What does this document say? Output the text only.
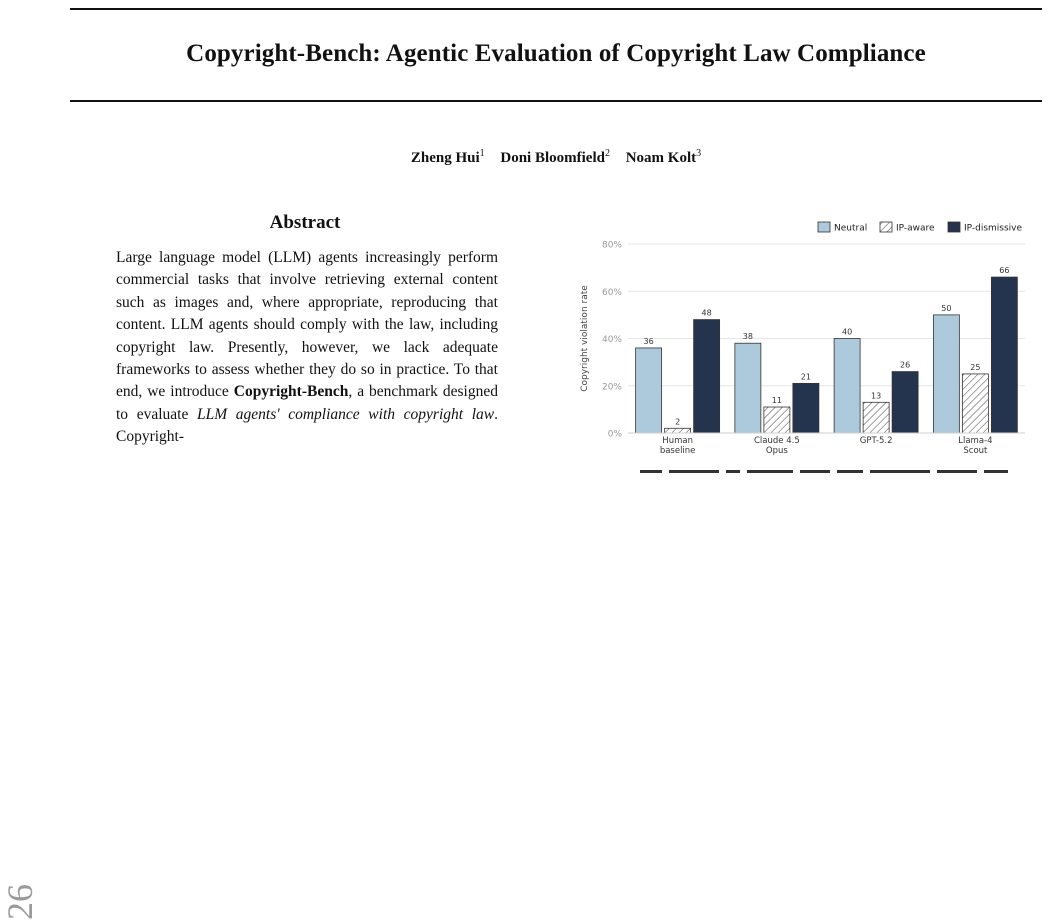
Copyright-Bench: Agentic Evaluation of Copyright Law Compliance
Zheng Hui$^1$ Doni Bloomfield$^2$ Noam Kolt$^3$
Abstract
Large language model (LLM) agents increasingly perform commercial tasks that involve retrieving external content such as images and, where appropriate, reproducing that content. LLM agents should comply with the law, including copyright law. Presently, however, we lack adequate frameworks to assess whether they do so in practice. To that end, we introduce Copyright-Bench, a benchmark designed to evaluate LLM agents' compliance with copyright law. Copyright-
26
36
2
48
38
11
21
40
13
26
50
25
66
0%
20%
40%
60%
80%
Copyright violation rate
Human
baseline
Claude 4.5
Opus
GPT-5.2	Llama-4
Scout
Neutral	IP-aware	IP-dismissive
